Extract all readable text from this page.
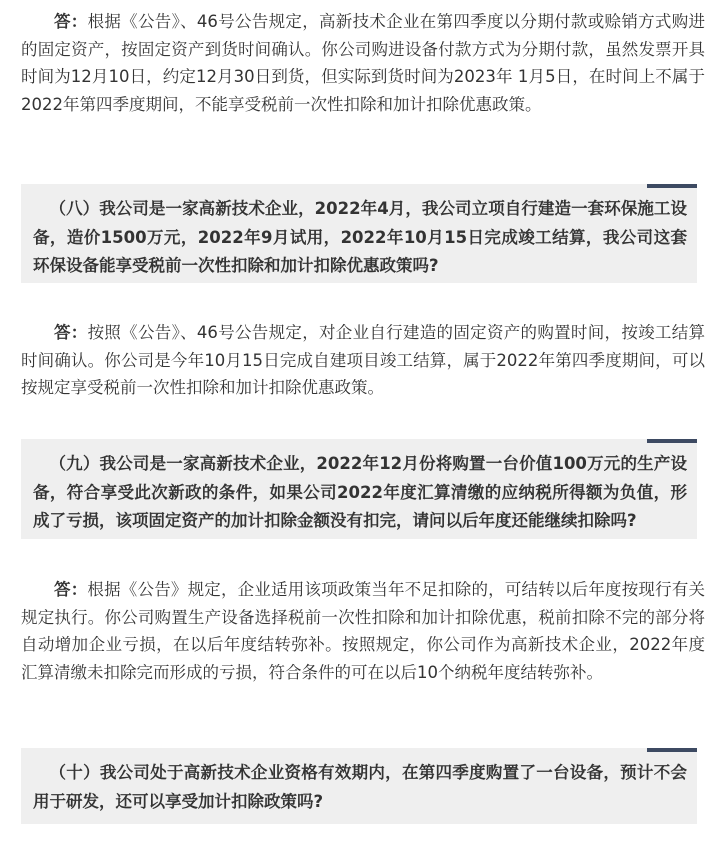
答：根据《公告》、46号公告规定，高新技术企业在第四季度以分期付款或赊销方式购进的固定资产，按固定资产到货时间确认。你公司购进设备付款方式为分期付款，虽然发票开具时间为12月10日，约定12月30日到货，但实际到货时间为2023年 1月5日，在时间上不属于2022年第四季度期间，不能享受税前一次性扣除和加计扣除优惠政策。

（八）我公司是一家高新技术企业，2022年4月，我公司立项自行建造一套环保施工设备，造价1500万元，2022年9月试用，2022年10月15日完成竣工结算，我公司这套环保设备能享受税前一次性扣除和加计扣除优惠政策吗?

答：按照《公告》、46号公告规定，对企业自行建造的固定资产的购置时间，按竣工结算时间确认。你公司是今年10月15日完成自建项目竣工结算，属于2022年第四季度期间，可以按规定享受税前一次性扣除和加计扣除优惠政策。

（九）我公司是一家高新技术企业，2022年12月份将购置一台价值100万元的生产设备，符合享受此次新政的条件，如果公司2022年度汇算清缴的应纳税所得额为负值，形成了亏损，该项固定资产的加计扣除金额没有扣完，请问以后年度还能继续扣除吗?

答：根据《公告》规定，企业适用该项政策当年不足扣除的，可结转以后年度按现行有关规定执行。你公司购置生产设备选择税前一次性扣除和加计扣除优惠，税前扣除不完的部分将自动增加企业亏损，在以后年度结转弥补。按照规定，你公司作为高新技术企业，2022年度汇算清缴未扣除完而形成的亏损，符合条件的可在以后10个纳税年度结转弥补。

（十）我公司处于高新技术企业资格有效期内，在第四季度购置了一台设备，预计不会用于研发，还可以享受加计扣除政策吗?
